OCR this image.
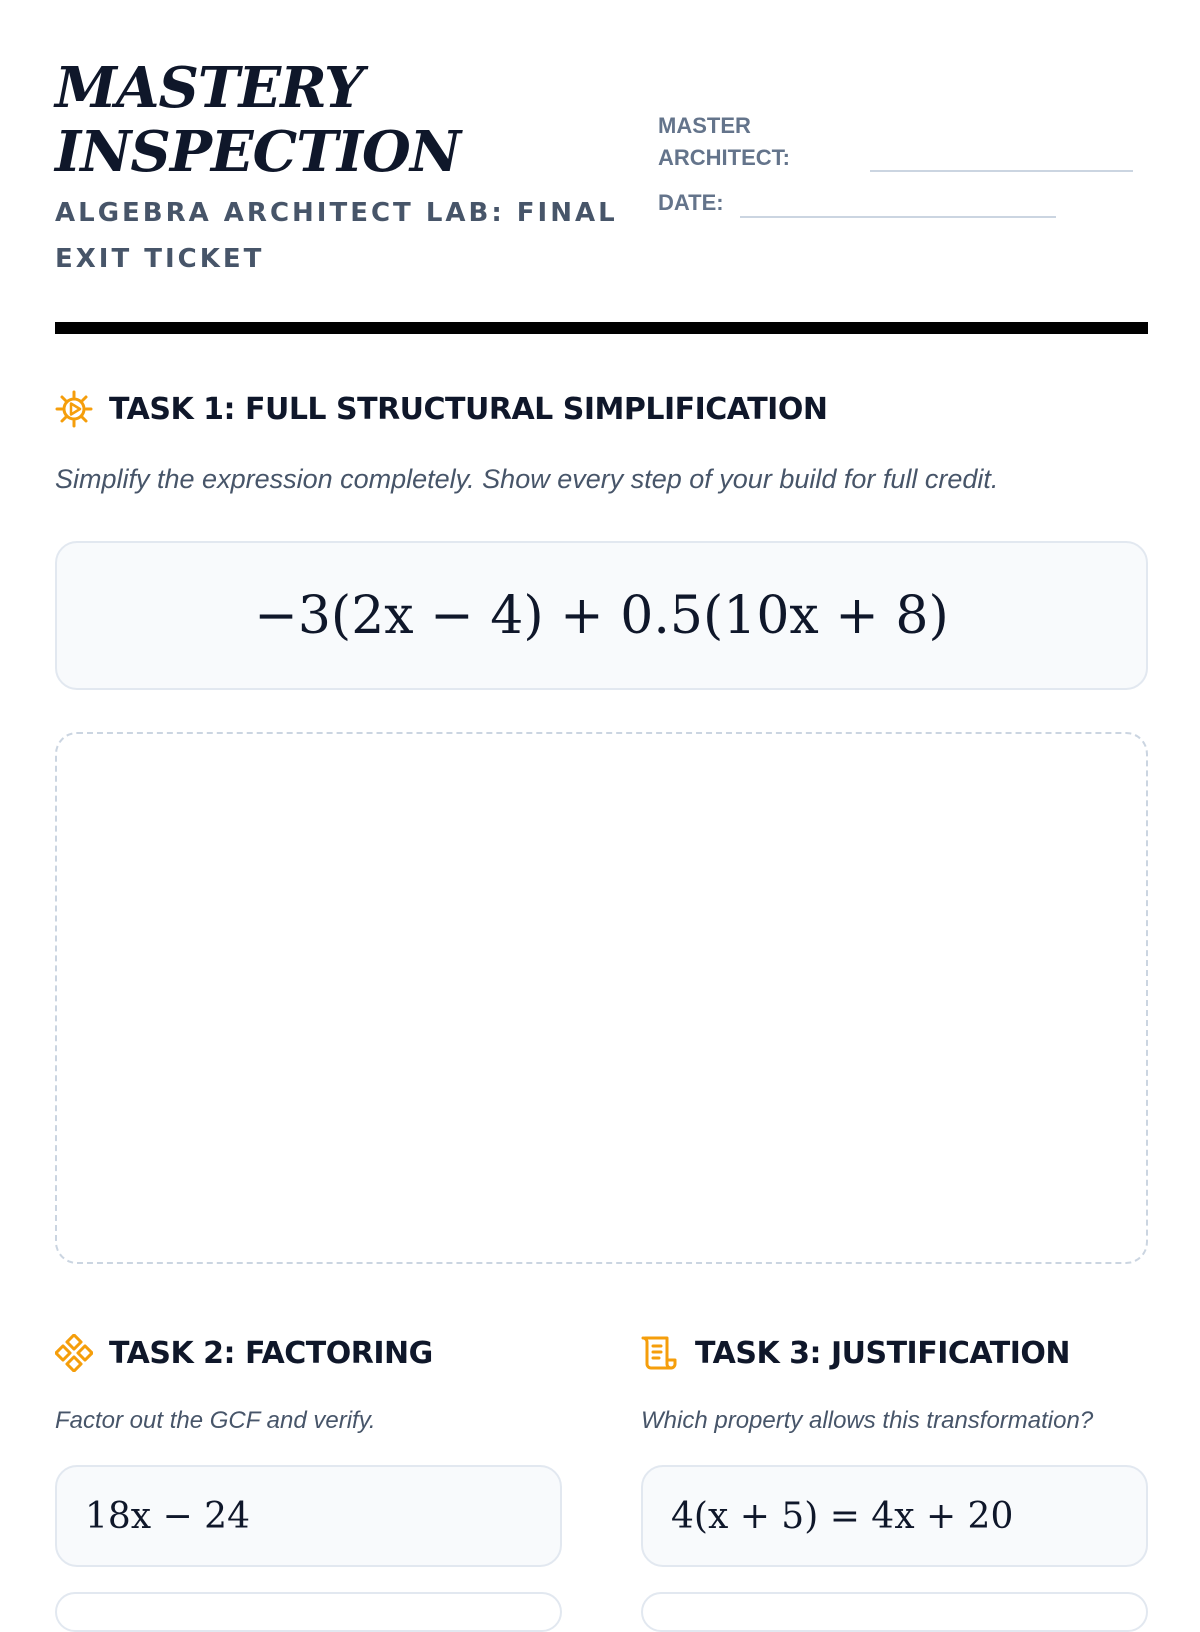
MASTERY
INSPECTION
ALGEBRA ARCHITECT LAB: FINAL EXIT TICKET
MASTER ARCHITECT:
DATE:
TASK 1: FULL STRUCTURAL SIMPLIFICATION
Simplify the expression completely. Show every step of your build for full credit.
−3(2x − 4) + 0.5(10x + 8)
TASK 2: FACTORING
Factor out the GCF and verify.
18x − 24
TASK 3: JUSTIFICATION
Which property allows this transformation?
4(x + 5) = 4x + 20
